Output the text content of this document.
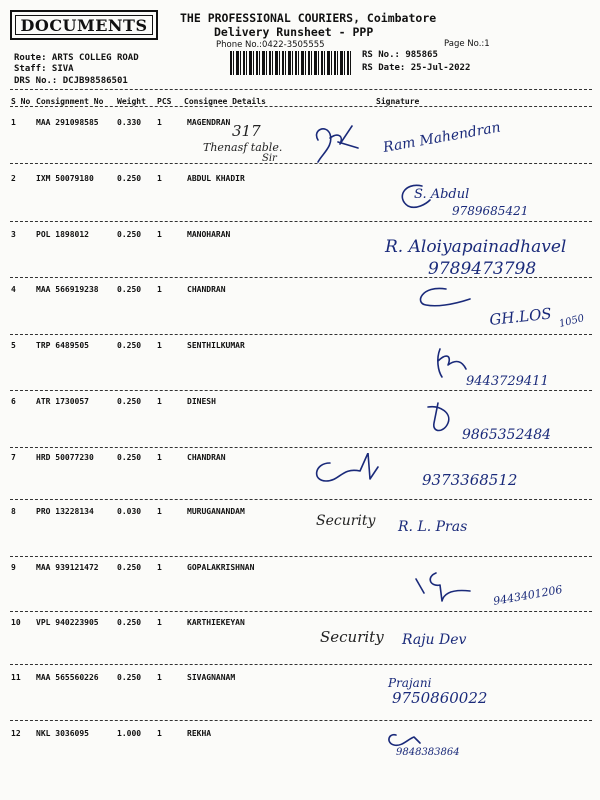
DOCUMENTS	THE PROFESSIONAL COURIERS, Coimbatore
Delivery Runsheet - PPP
Phone No.:0422-3505555	Page No.:1
Route: ARTS COLLEG ROAD
Staff: SIVA
DRS No.: DCJB98586501
RS No.: 985865
RS Date: 25-Jul-2022
S No Consignment No Weight PCS Consignee Details	Signature
1	MAA 291098585 0.330 1	MAGENDRAN 317
Thenasf table.
Sir
Ram Mahendran
2	IXM 50079180	0.250 1	ABDUL KHADIR
S. Abdul
9789685421
3	POL 1898012	0.250 1	MANOHARAN
R. Aloiyapainadhavel
9789473798
4	MAA 566919238 0.250 1	CHANDRAN
GH.LOS 1050
5	TRP 6489505	0.250 1	SENTHILKUMAR
9443729411
6	ATR 1730057	0.250 1	DINESH
9865352484
7	HRD 50077230	0.250 1	CHANDRAN
9373368512
8	PRO 13228134	0.030 1	MURUGANANDAM
Security R. L. Pras
9	MAA 939121472 0.250 1	GOPALAKRISHNAN
9443401206
10 VPL 940223905 0.250 1	KARTHIEKEYAN
Security Raju Dev
11 MAA 565560226 0.250 1	SIVAGNANAM	Prajani
9750860022
12 NKL 3036095	1.000 1	REKHA
9848383864
